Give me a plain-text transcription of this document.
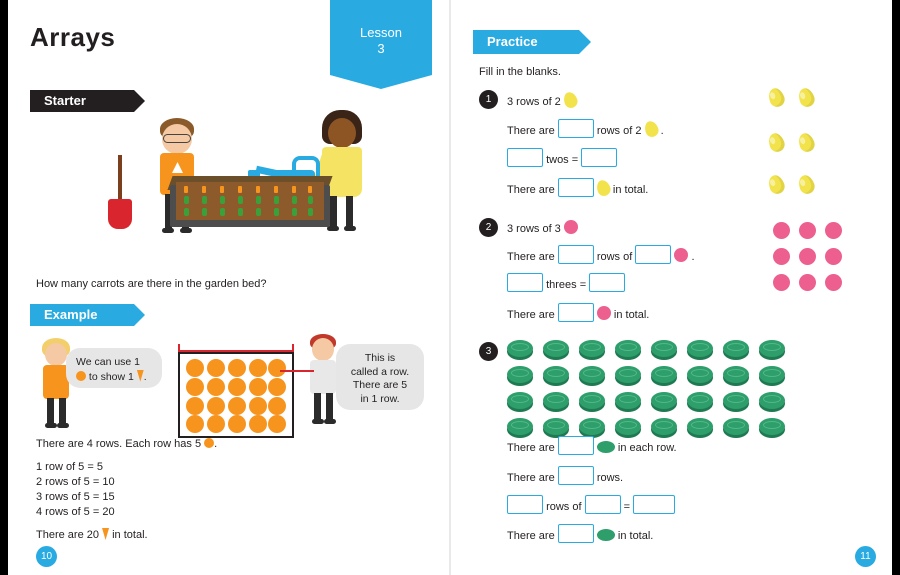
Arrays	Lesson
3
Starter
How many carrots are there in the garden bed?
Example
We can use 1  to show 1 .
This is
called a row.
There are 5
in 1 row.
There are 4 rows. Each row has 5 .
1 row of 5 = 5
2 rows of 5 = 10
3 rows of 5 = 15
4 rows of 5 = 20
There are 20 in total.
10
Practice
Fill in the blanks.
1	3 rows of 2
There are	rows of 2 .
twos =
There are	in total.
2	3 rows of 3
There are	rows of	.
threes =
There are	in total.
3
There are	in each row.
There are	rows.
rows of	=
There are	in total.
11
